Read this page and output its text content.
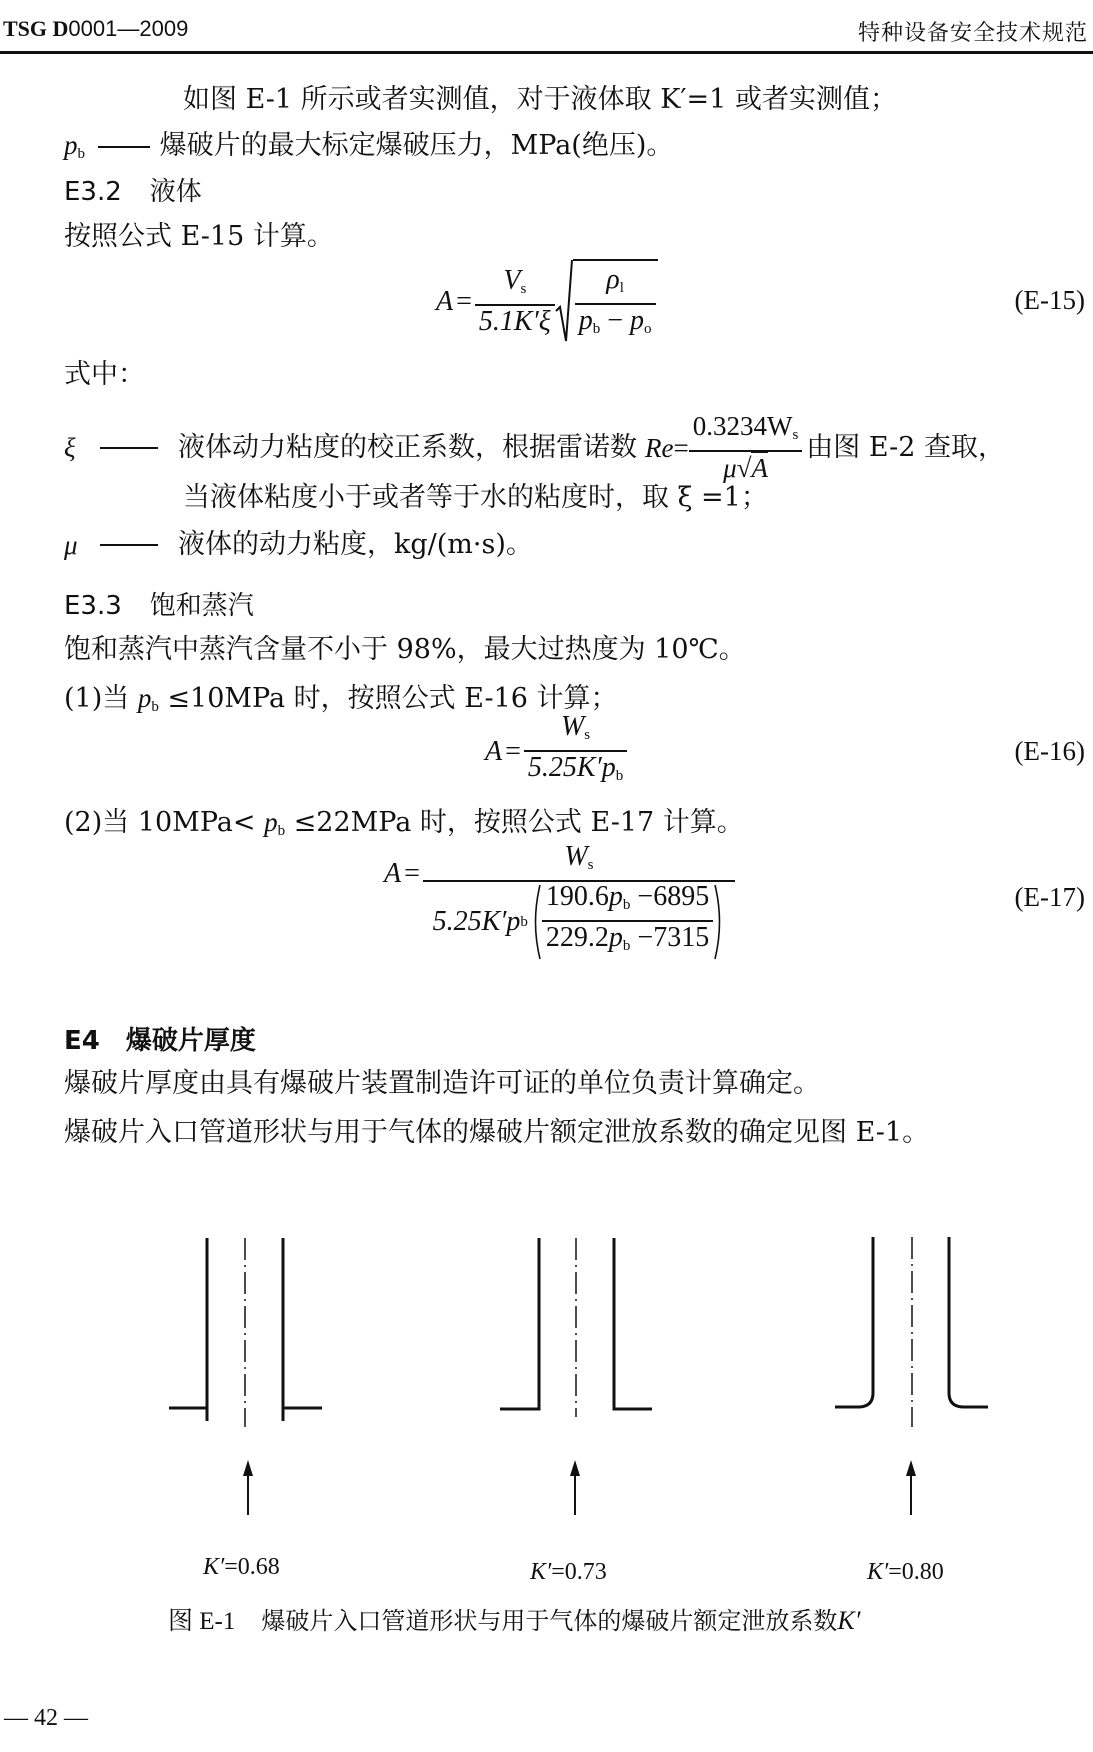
TSG D0001—2009	特种设备安全技术规范
如图 E-1 所示或者实测值，对于液体取 K′=1 或者实测值；
$p_b$	爆破片的最大标定爆破压力，MPa(绝压)。
E3.2 液体
按照公式 E-15 计算。
$A = \frac{V_s}{5.1K'\xi} \frac{\rho_l}{p_b - p_o}$	(E-15)
式中：
ξ	液体动力粘度的校正系数，根据雷诺数 $Re = \frac{0.3234W_s}{\mu√A}$ 由图 E-2 查取，
当液体粘度小于或者等于水的粘度时，取 ξ =1；
μ	液体的动力粘度，kg/(m·s)。
E3.3 饱和蒸汽
饱和蒸汽中蒸汽含量不小于 98%，最大过热度为 10℃。
(1)当 $p_b \le 10MPa$ 时，按照公式 E-16 计算；
$A = \frac{W_s}{5.25K'p_b}$	(E-16)
(2)当 $10MPa< p_b \le 22MPa$ 时，按照公式 E-17 计算。
A =
$W_s$
5.25K′p b $\frac{190.6p_b -6895}{229.2p_b -7315}$	(E-17)
E4 爆破片厚度
爆破片厚度由具有爆破片装置制造许可证的单位负责计算确定。
爆破片入口管道形状与用于气体的爆破片额定泄放系数的确定见图 E-1。
K′=0.68	K′=0.73	K′=0.80
图 E-1 爆破片入口管道形状与用于气体的爆破片额定泄放系数K′
— 42 —
